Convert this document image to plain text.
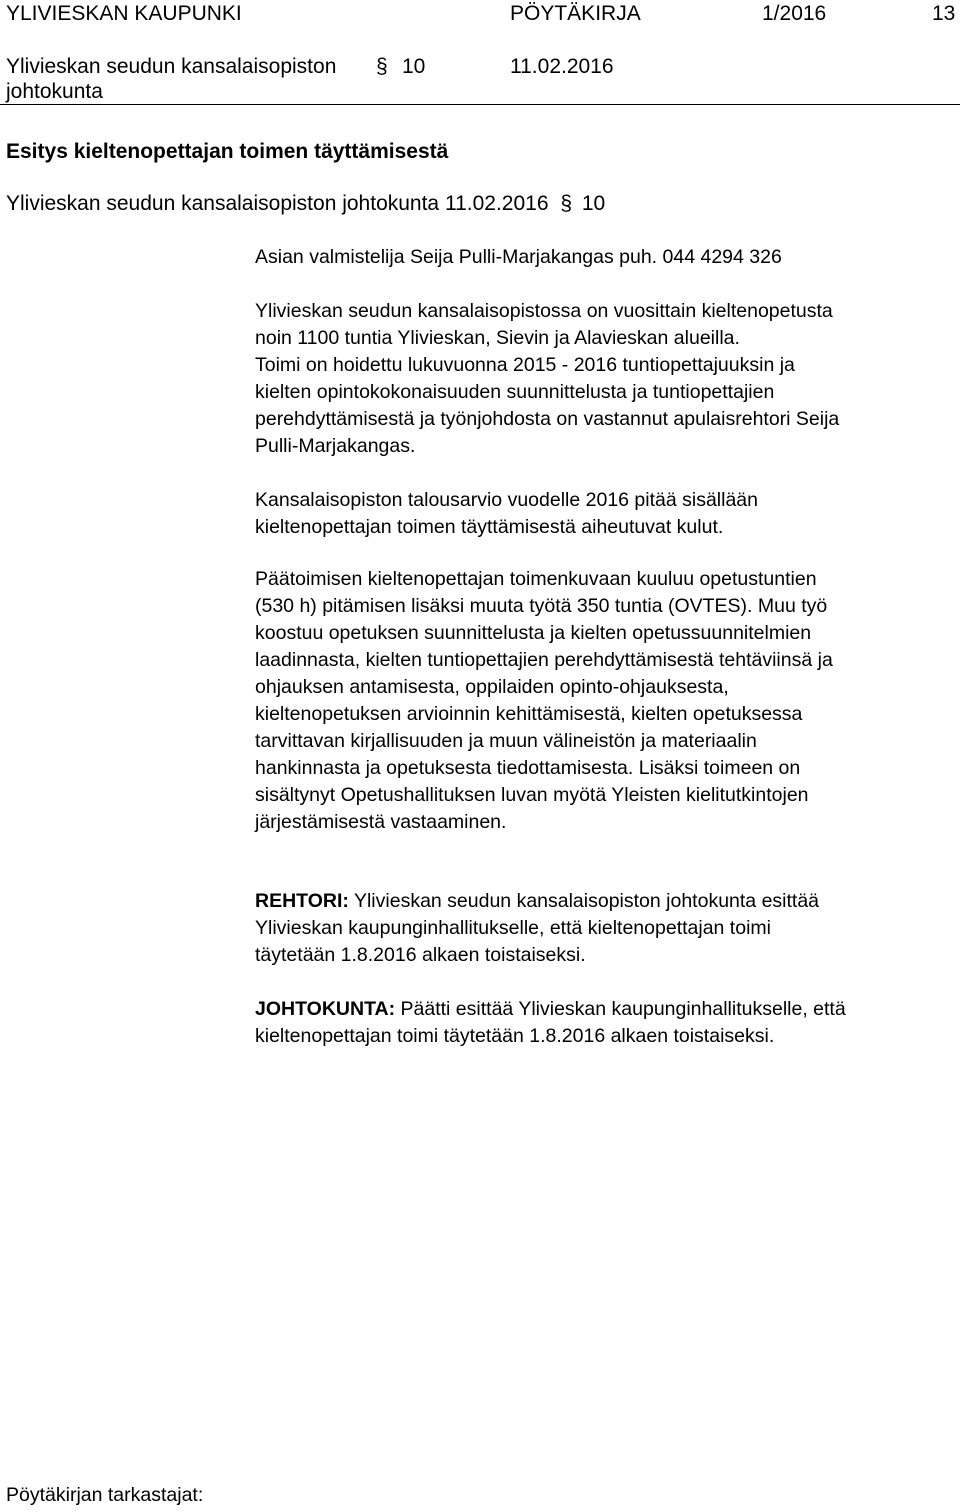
YLIVIESKAN KAUPUNKI	PÖYTÄKIRJA	1/2016	13
Ylivieskan seudun kansalaisopiston
johtokunta
§ 10	11.02.2016
Esitys kieltenopettajan toimen täyttämisestä
Ylivieskan seudun kansalaisopiston johtokunta 11.02.2016 § 10
Asian valmistelija Seija Pulli-Marjakangas puh. 044 4294 326
Ylivieskan seudun kansalaisopistossa on vuosittain kieltenopetusta
noin 1100 tuntia Ylivieskan, Sievin ja Alavieskan alueilla.
Toimi on hoidettu lukuvuonna 2015 - 2016 tuntiopettajuuksin ja
kielten opintokokonaisuuden suunnittelusta ja tuntiopettajien
perehdyttämisestä ja työnjohdosta on vastannut apulaisrehtori Seija
Pulli-Marjakangas.
Kansalaisopiston talousarvio vuodelle 2016 pitää sisällään
kieltenopettajan toimen täyttämisestä aiheutuvat kulut.
Päätoimisen kieltenopettajan toimenkuvaan kuuluu opetustuntien
(530 h) pitämisen lisäksi muuta työtä 350 tuntia (OVTES). Muu työ
koostuu opetuksen suunnittelusta ja kielten opetussuunnitelmien
laadinnasta, kielten tuntiopettajien perehdyttämisestä tehtäviinsä ja
ohjauksen antamisesta, oppilaiden opinto-ohjauksesta,
kieltenopetuksen arvioinnin kehittämisestä, kielten opetuksessa
tarvittavan kirjallisuuden ja muun välineistön ja materiaalin
hankinnasta ja opetuksesta tiedottamisesta. Lisäksi toimeen on
sisältynyt Opetushallituksen luvan myötä Yleisten kielitutkintojen
järjestämisestä vastaaminen.
REHTORI: Ylivieskan seudun kansalaisopiston johtokunta esittää
Ylivieskan kaupunginhallitukselle, että kieltenopettajan toimi
täytetään 1.8.2016 alkaen toistaiseksi.
JOHTOKUNTA: Päätti esittää Ylivieskan kaupunginhallitukselle, että
kieltenopettajan toimi täytetään 1.8.2016 alkaen toistaiseksi.
Pöytäkirjan tarkastajat:
